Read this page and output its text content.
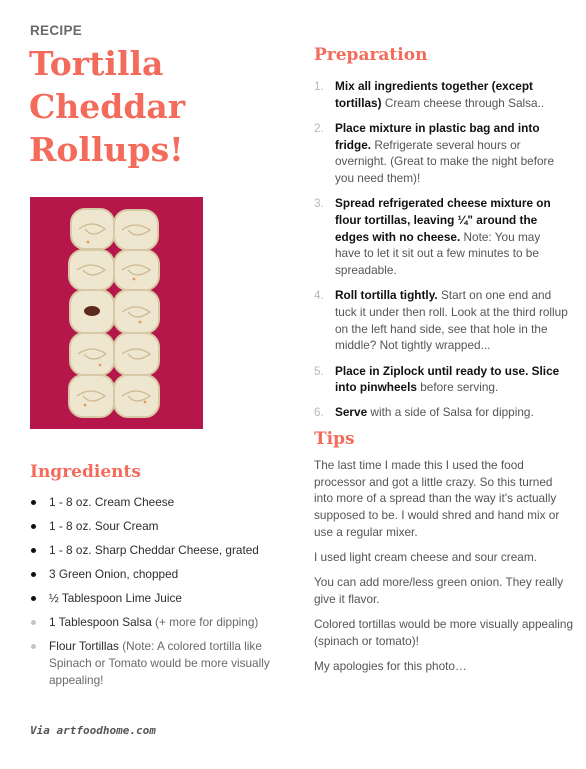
RECIPE
Tortilla Cheddar Rollups!
Ingredients
1 - 8 oz. Cream Cheese
1 - 8 oz. Sour Cream
1 - 8 oz. Sharp Cheddar Cheese, grated
3 Green Onion, chopped
½ Tablespoon Lime Juice
1 Tablespoon Salsa (+ more for dipping)
Flour Tortillas (Note: A colored tortilla like Spinach or Tomato would be more visually appealing!
Preparation
1. Mix all ingredients together (except tortillas) Cream cheese through Salsa..
2. Place mixture in plastic bag and into fridge. Refrigerate several hours or overnight. (Great to make the night before you need them)!
3. Spread refrigerated cheese mixture on flour tortillas, leaving ¼" around the edges with no cheese. Note: You may have to let it sit out a few minutes to be spreadable.
4. Roll tortilla tightly. Start on one end and tuck it under then roll. Look at the third rollup on the left hand side, see that hole in the middle? Not tightly wrapped...
5. Place in Ziplock until ready to use. Slice into pinwheels before serving.
6. Serve with a side of Salsa for dipping.
Tips

The last time I made this I used the food processor and got a little crazy. So this turned into more of a spread than the way it's actually supposed to be. I would shred and hand mix or use a regular mixer.

I used light cream cheese and sour cream.

You can add more/less green onion. They really give it flavor.

Colored tortillas would be more visually appealing (spinach or tomato)!

My apologies for this photo…

Via artfoodhome.com
